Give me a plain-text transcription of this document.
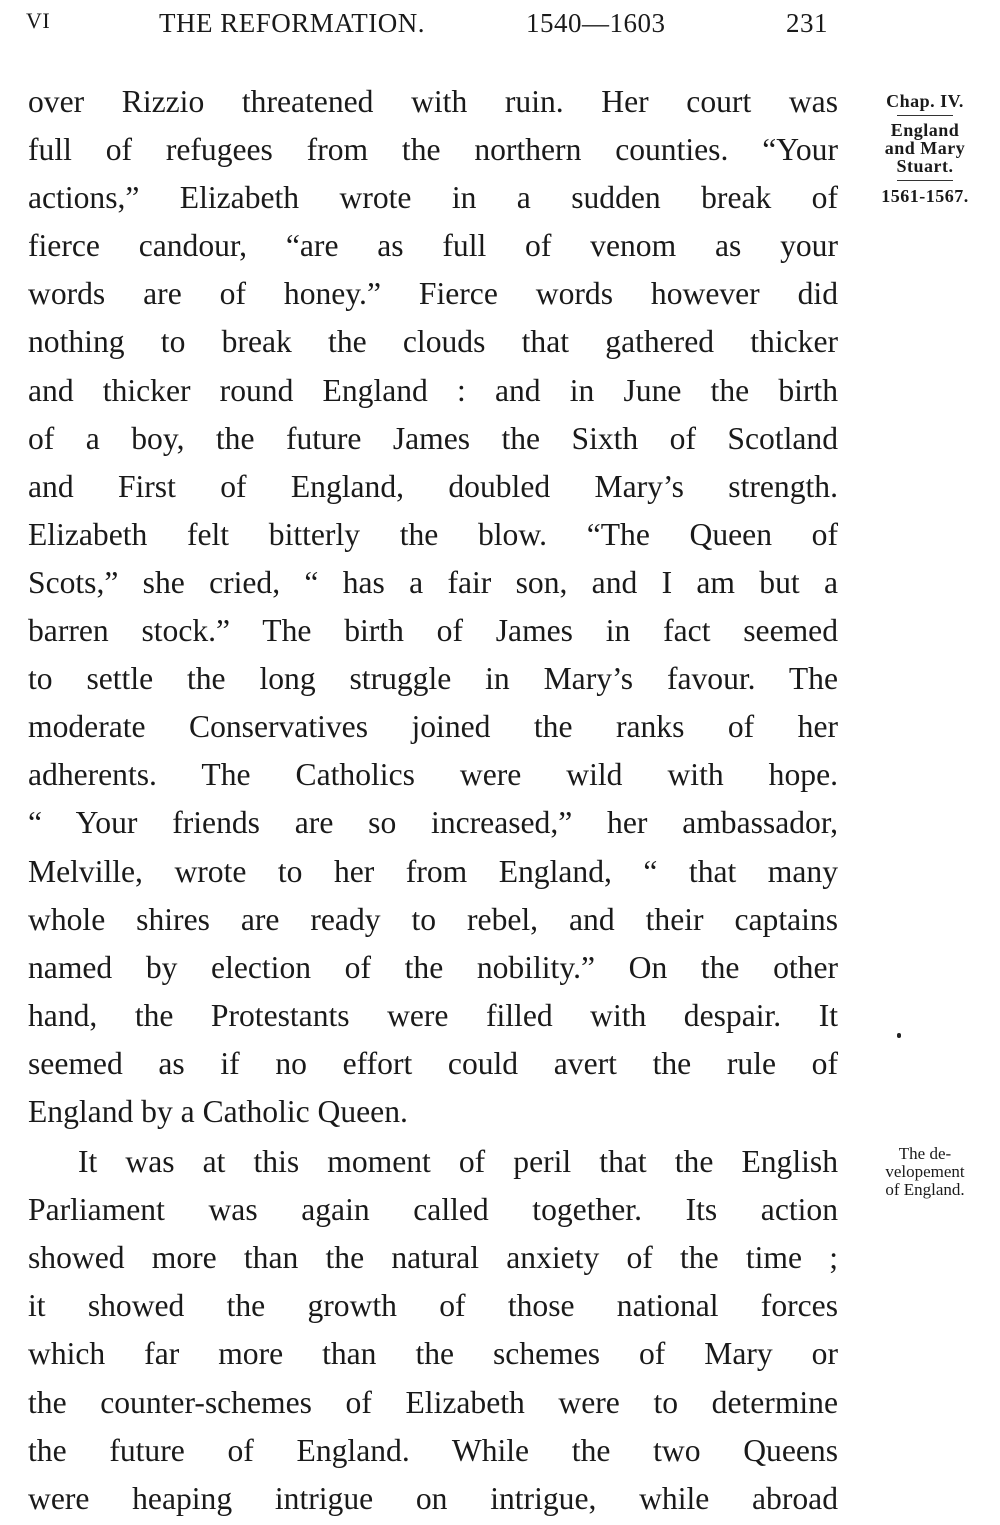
VI	THE REFORMATION.	1540—1603	231
over Rizzio threatened with ruin. Her court was
full of refugees from the northern counties. “Your
actions,” Elizabeth wrote in a sudden break of
fierce candour, “are as full of venom as your
words are of honey.” Fierce words however did
nothing to break the clouds that gathered thicker
and thicker round England : and in June the birth
of a boy, the future James the Sixth of Scotland
and First of England, doubled Mary’s strength.
Elizabeth felt bitterly the blow. “The Queen of
Scots,” she cried, “ has a fair son, and I am but a
barren stock.” The birth of James in fact seemed
to settle the long struggle in Mary’s favour. The
moderate Conservatives joined the ranks of her
adherents. The Catholics were wild with hope.
“ Your friends are so increased,” her ambassador,
Melville, wrote to her from England, “ that many
whole shires are ready to rebel, and their captains
named by election of the nobility.” On the other
hand, the Protestants were filled with despair. It
seemed as if no effort could avert the rule of
England by a Catholic Queen.
It was at this moment of peril that the English
Parliament was again called together. Its action
showed more than the natural anxiety of the time ;
it showed the growth of those national forces
which far more than the schemes of Mary or
the counter-schemes of Elizabeth were to determine
the future of England. While the two Queens
were heaping intrigue on intrigue, while abroad
Chap. IV.
England
and Mary
Stuart.
1561-1567.
The de-
velopement
of England.
